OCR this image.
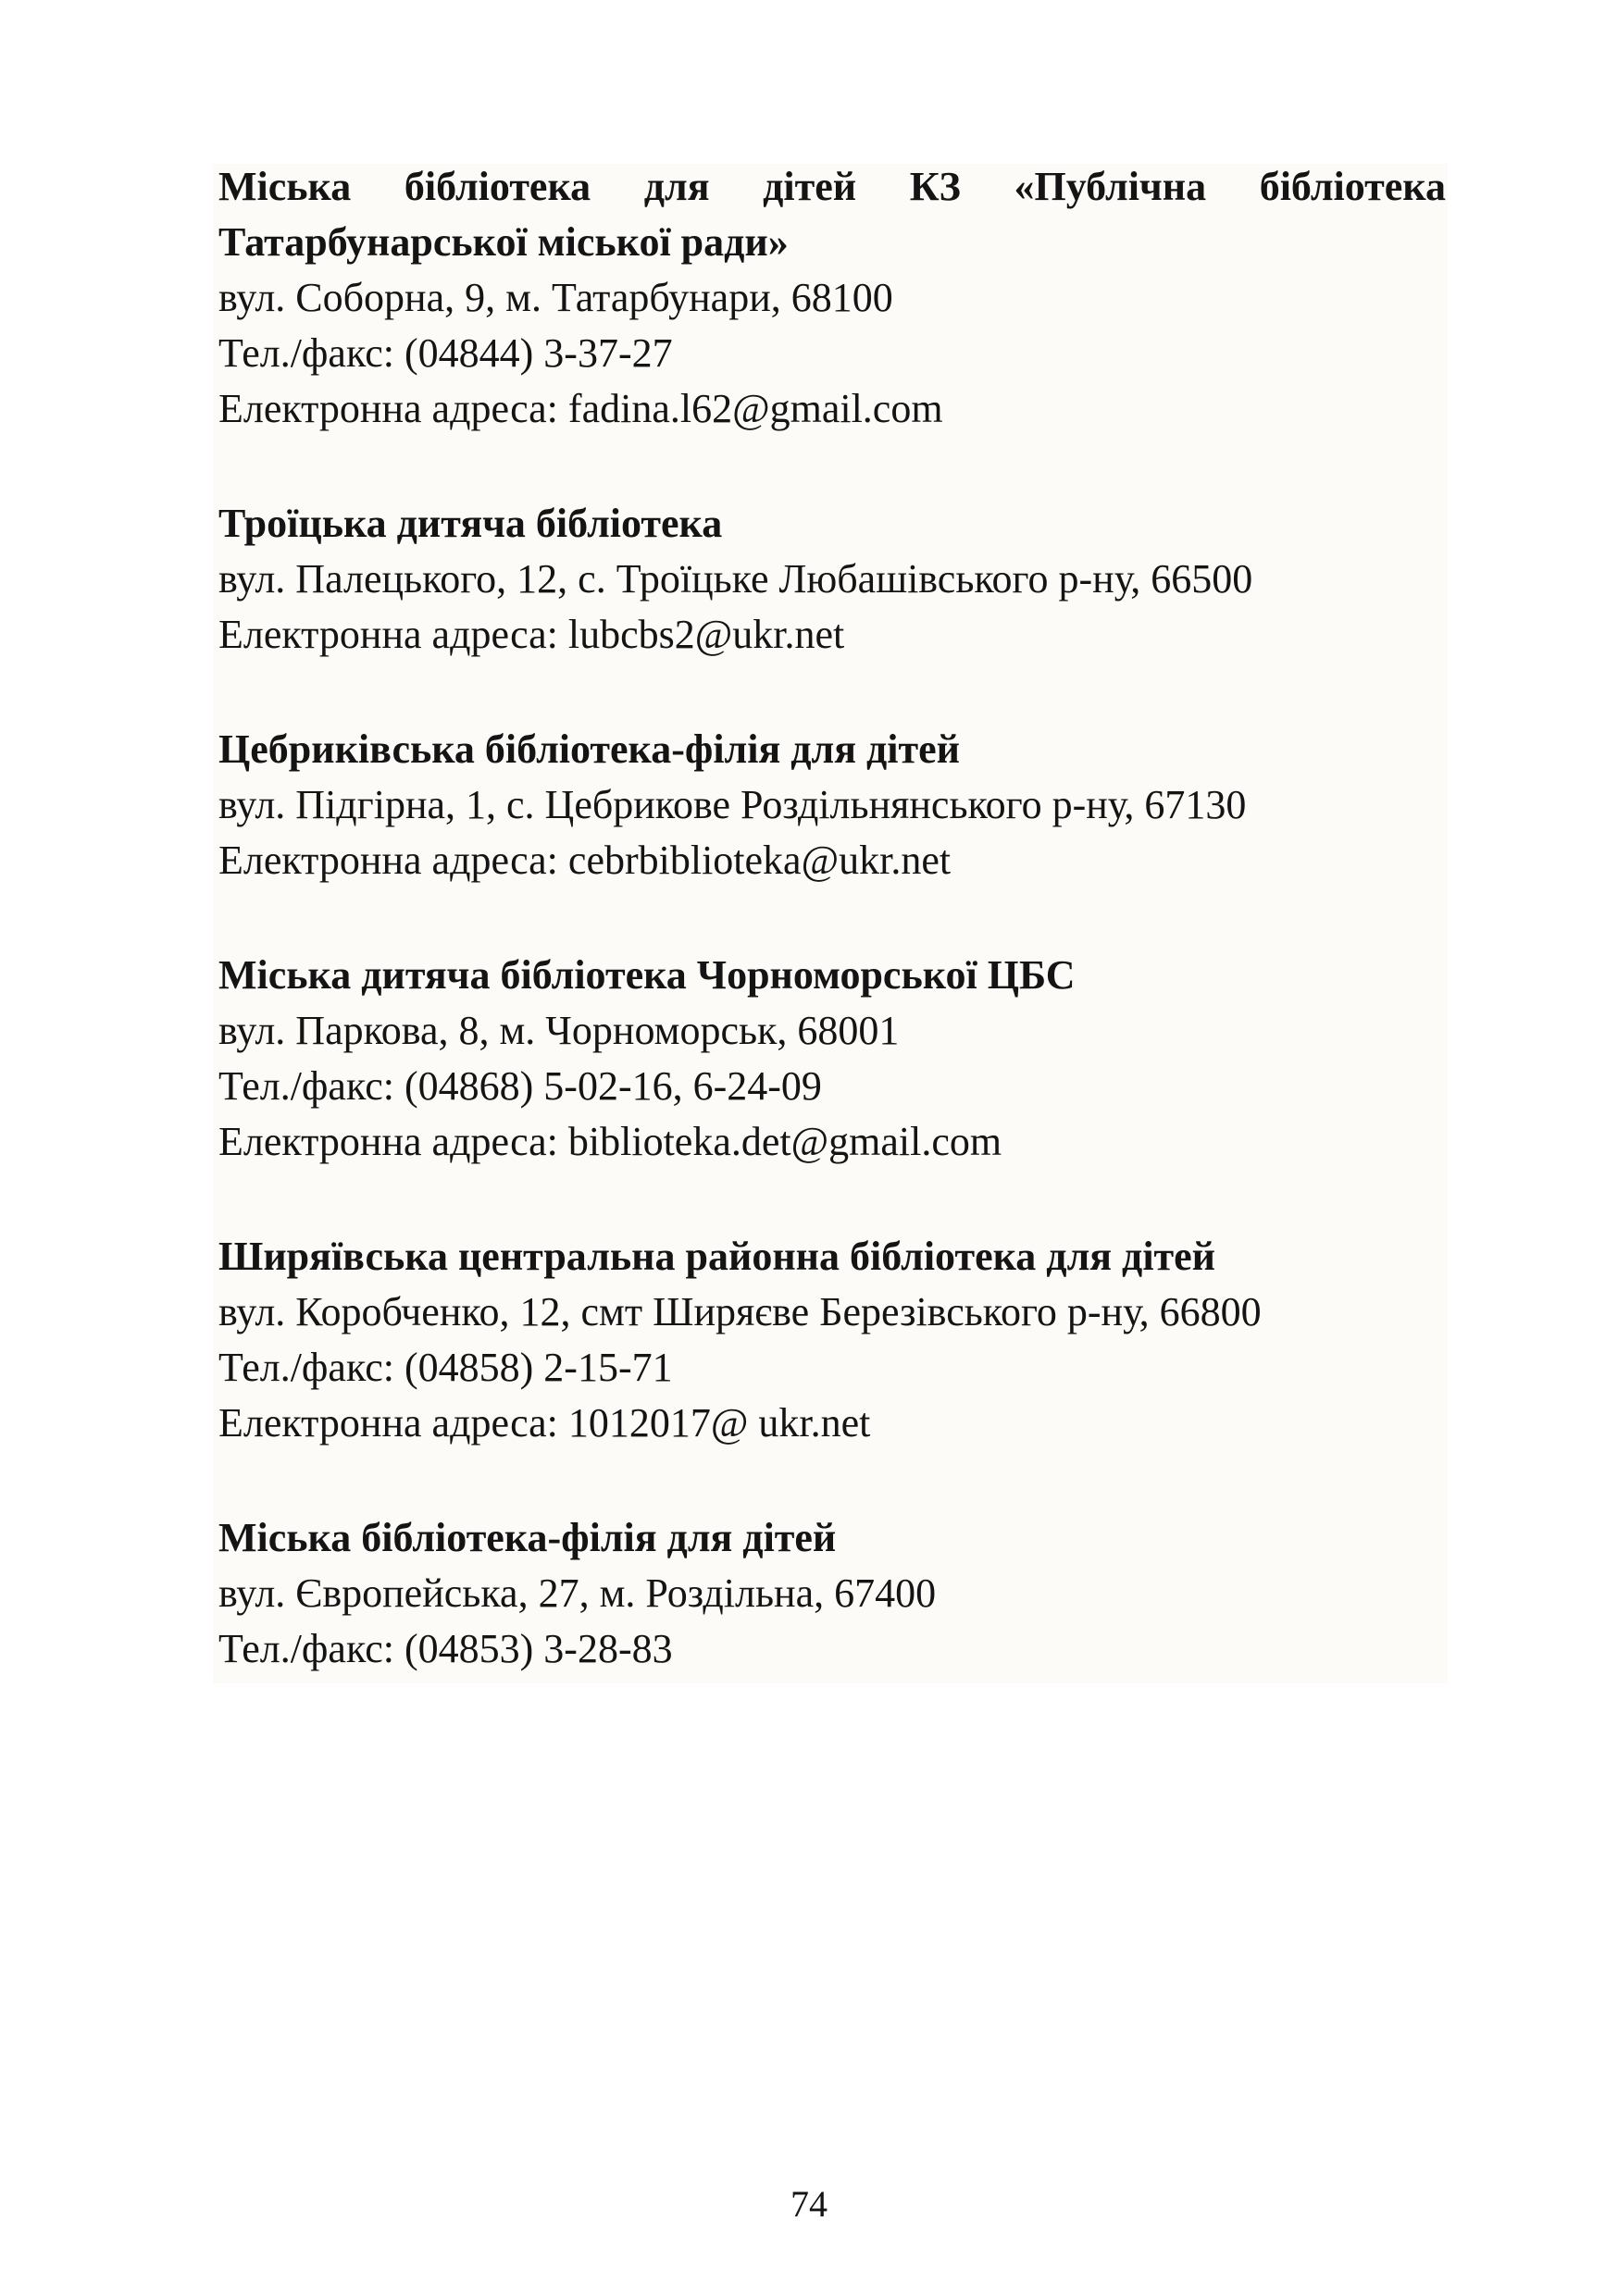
Міська бібліотека для дітей КЗ «Публічна бібліотека Татарбунарської міської ради»

вул. Соборна, 9, м. Татарбунари, 68100

Тел./факс: (04844) 3-37-27

Електронна адреса: fadina.l62@gmail.com

Троїцька дитяча бібліотека

вул. Палецького, 12, с. Троїцьке Любашівського р-ну, 66500

Електронна адреса: lubcbs2@ukr.net

Цебриківська бібліотека-філія для дітей

вул. Підгірна, 1, с. Цебрикове Роздільнянського р-ну, 67130

Електронна адреса: cebrbiblioteka@ukr.net

Міська дитяча бібліотека Чорноморської ЦБС

вул. Паркова, 8, м. Чорноморськ, 68001

Тел./факс: (04868) 5-02-16, 6-24-09

Електронна адреса: biblioteka.det@gmail.com

Ширяївська центральна районна бібліотека для дітей

вул. Коробченко, 12, смт Ширяєве Березівського р-ну, 66800

Тел./факс: (04858) 2-15-71

Електронна адреса: 1012017@ ukr.net

Міська бібліотека-філія для дітей

вул. Європейська, 27, м. Роздільна, 67400

Тел./факс: (04853) 3-28-83

74
